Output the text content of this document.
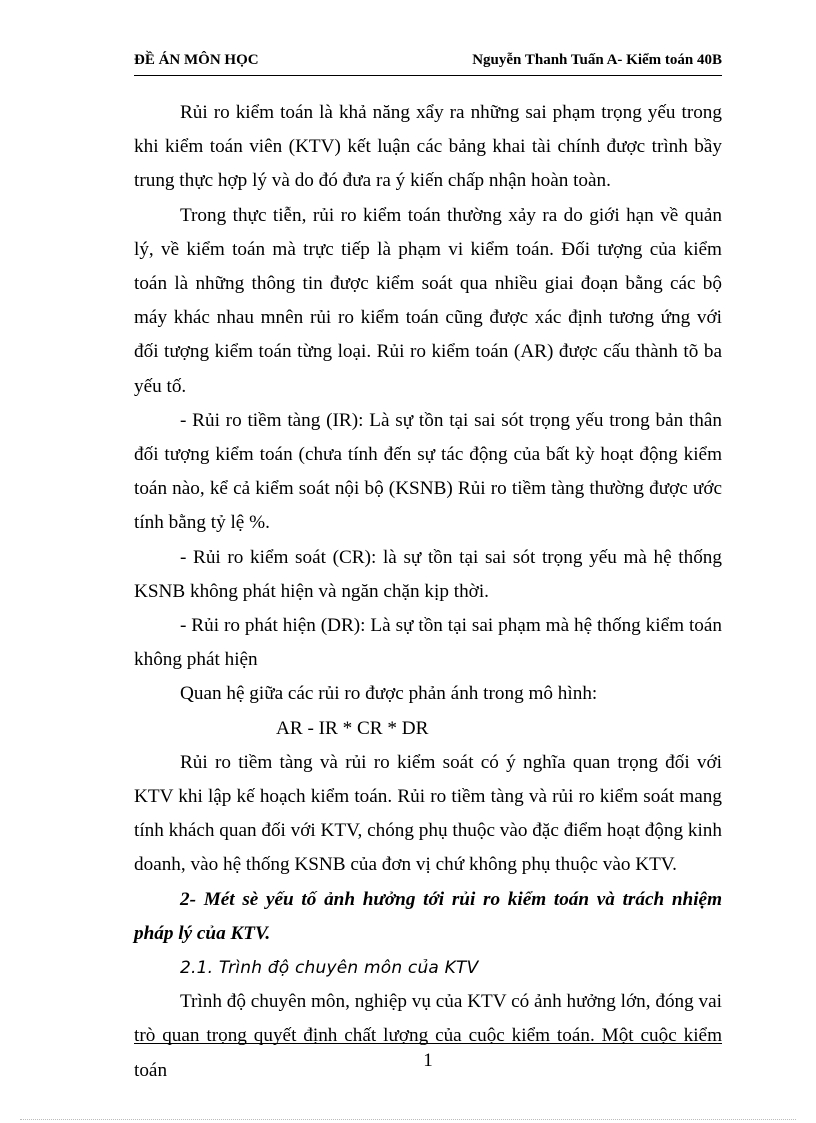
ĐỀ ÁN MÔN HỌC	Nguyễn Thanh Tuấn A- Kiểm toán 40B

Rủi ro kiểm toán là khả năng xẩy ra những sai phạm trọng yếu trong khi kiểm toán viên (KTV) kết luận các bảng khai tài chính được trình bầy trung thực hợp lý và do đó đưa ra ý kiến chấp nhận hoàn toàn.

Trong thực tiễn, rủi ro kiểm toán thường xảy ra do giới hạn về quản lý, về kiểm toán mà trực tiếp là phạm vi kiểm toán. Đối tượng của kiểm toán là những thông tin được kiểm soát qua nhiều giai đoạn bằng các bộ máy khác nhau mnên rủi ro kiểm toán cũng được xác định tương ứng với đối tượng kiểm toán từng loại. Rủi ro kiểm toán (AR) được cấu thành tõ ba yếu tố.

- Rủi ro tiềm tàng (IR): Là sự tồn tại sai sót trọng yếu trong bản thân đối tượng kiểm toán (chưa tính đến sự tác động của bất kỳ hoạt động kiểm toán nào, kể cả kiểm soát nội bộ (KSNB) Rủi ro tiềm tàng thường được ước tính bằng tỷ lệ %.

- Rủi ro kiểm soát (CR): là sự tồn tại sai sót trọng yếu mà hệ thống KSNB không phát hiện và ngăn chặn kịp thời.

- Rủi ro phát hiện (DR): Là sự tồn tại sai phạm mà hệ thống kiểm toán không phát hiện

Quan hệ giữa các rủi ro được phản ánh trong mô hình:

AR - IR * CR * DR

Rủi ro tiềm tàng và rủi ro kiểm soát có ý nghĩa quan trọng đối với KTV khi lập kế hoạch kiểm toán. Rủi ro tiềm tàng và rủi ro kiểm soát mang tính khách quan đối với KTV, chóng phụ thuộc vào đặc điểm hoạt động kinh doanh, vào hệ thống KSNB của đơn vị chứ không phụ thuộc vào KTV.

2- Mét sè yếu tố ảnh hưởng tới rủi ro kiểm toán và trách nhiệm pháp lý của KTV.

2.1. Trình độ chuyên môn của KTV

Trình độ chuyên môn, nghiệp vụ của KTV có ảnh hưởng lớn, đóng vai trò quan trọng quyết định chất lượng của cuộc kiểm toán. Một cuộc kiểm toán	1
